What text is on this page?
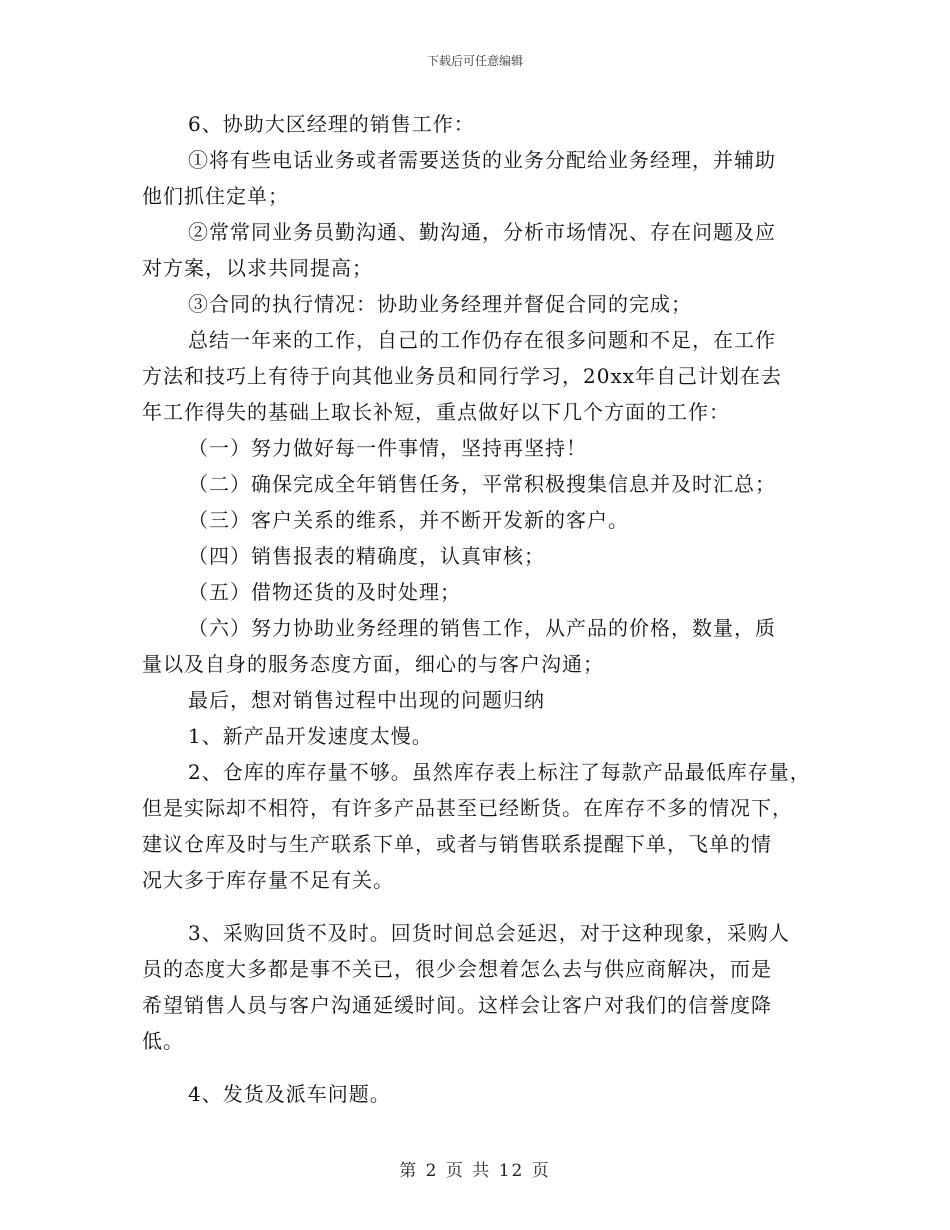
下载后可任意编辑
6、协助大区经理的销售工作：
①将有些电话业务或者需要送货的业务分配给业务经理，并辅助
他们抓住定单；
②常常同业务员勤沟通、勤沟通，分析市场情况、存在问题及应
对方案，以求共同提高；
③合同的执行情况：协助业务经理并督促合同的完成；
总结一年来的工作，自己的工作仍存在很多问题和不足，在工作
方法和技巧上有待于向其他业务员和同行学习，20xx年自己计划在去
年工作得失的基础上取长补短，重点做好以下几个方面的工作：
（一）努力做好每一件事情，坚持再坚持！
（二）确保完成全年销售任务，平常积极搜集信息并及时汇总；
（三）客户关系的维系，并不断开发新的客户。
（四）销售报表的精确度，认真审核；
（五）借物还货的及时处理；
（六）努力协助业务经理的销售工作，从产品的价格，数量，质
量以及自身的服务态度方面，细心的与客户沟通；
最后，想对销售过程中出现的问题归纳
1、新产品开发速度太慢。
2、仓库的库存量不够。虽然库存表上标注了每款产品最低库存量，
但是实际却不相符，有许多产品甚至已经断货。在库存不多的情况下，
建议仓库及时与生产联系下单，或者与销售联系提醒下单，飞单的情
况大多于库存量不足有关。
3、采购回货不及时。回货时间总会延迟，对于这种现象，采购人
员的态度大多都是事不关已，很少会想着怎么去与供应商解决，而是
希望销售人员与客户沟通延缓时间。这样会让客户对我们的信誉度降
低。
4、发货及派车问题。
第 2 页 共 12 页
